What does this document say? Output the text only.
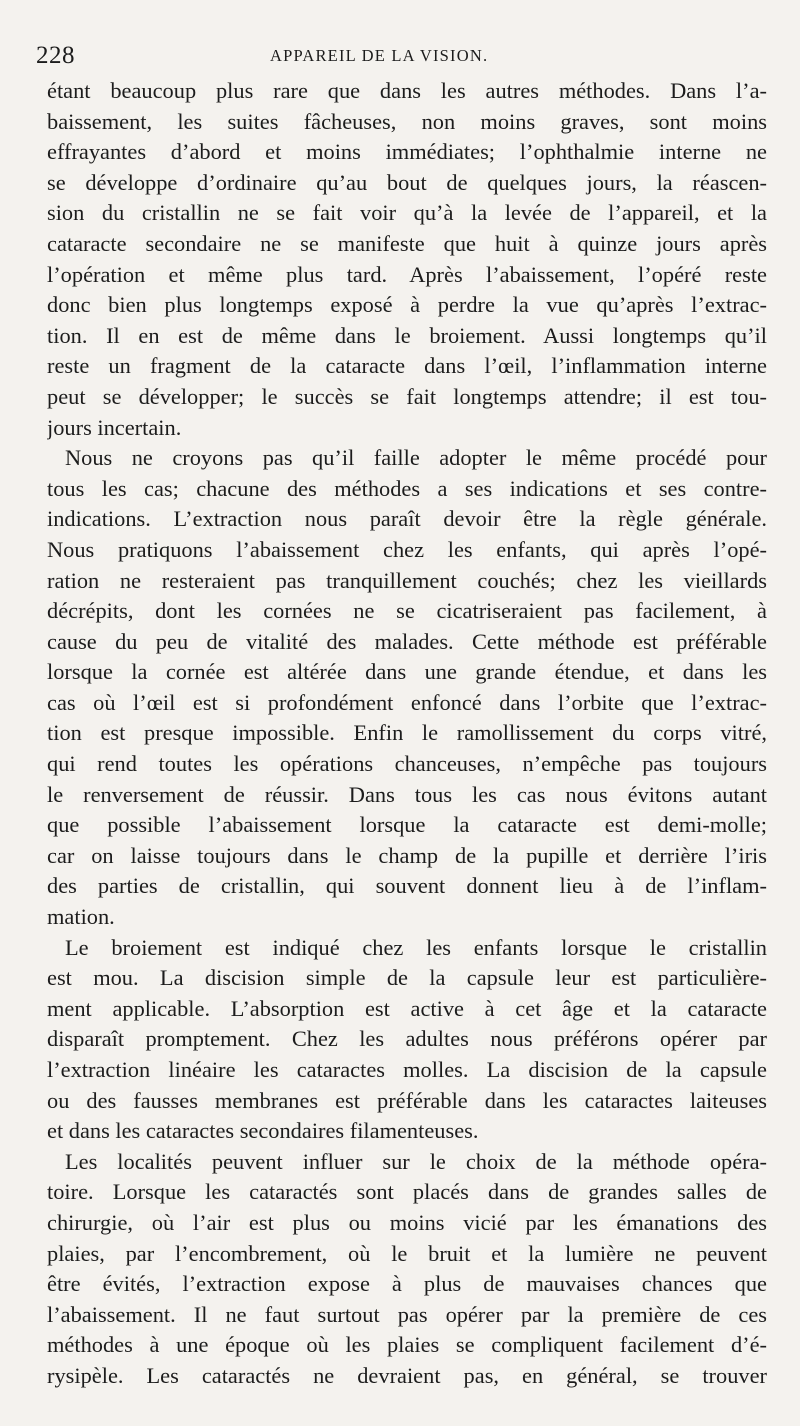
228	APPAREIL DE LA VISION.
étant beaucoup plus rare que dans les autres méthodes. Dans l’a-
baissement, les suites fâcheuses, non moins graves, sont moins
effrayantes d’abord et moins immédiates; l’ophthalmie interne ne
se développe d’ordinaire qu’au bout de quelques jours, la réascen-
sion du cristallin ne se fait voir qu’à la levée de l’appareil, et la
cataracte secondaire ne se manifeste que huit à quinze jours après
l’opération et même plus tard. Après l’abaissement, l’opéré reste
donc bien plus longtemps exposé à perdre la vue qu’après l’extrac-
tion. Il en est de même dans le broiement. Aussi longtemps qu’il
reste un fragment de la cataracte dans l’œil, l’inflammation interne
peut se développer; le succès se fait longtemps attendre; il est tou-
jours incertain.
Nous ne croyons pas qu’il faille adopter le même procédé pour
tous les cas; chacune des méthodes a ses indications et ses contre-
indications. L’extraction nous paraît devoir être la règle générale.
Nous pratiquons l’abaissement chez les enfants, qui après l’opé-
ration ne resteraient pas tranquillement couchés; chez les vieillards
décrépits, dont les cornées ne se cicatriseraient pas facilement, à
cause du peu de vitalité des malades. Cette méthode est préférable
lorsque la cornée est altérée dans une grande étendue, et dans les
cas où l’œil est si profondément enfoncé dans l’orbite que l’extrac-
tion est presque impossible. Enfin le ramollissement du corps vitré,
qui rend toutes les opérations chanceuses, n’empêche pas toujours
le renversement de réussir. Dans tous les cas nous évitons autant
que possible l’abaissement lorsque la cataracte est demi-molle;
car on laisse toujours dans le champ de la pupille et derrière l’iris
des parties de cristallin, qui souvent donnent lieu à de l’inflam-
mation.
Le broiement est indiqué chez les enfants lorsque le cristallin
est mou. La discision simple de la capsule leur est particulière-
ment applicable. L’absorption est active à cet âge et la cataracte
disparaît promptement. Chez les adultes nous préférons opérer par
l’extraction linéaire les cataractes molles. La discision de la capsule
ou des fausses membranes est préférable dans les cataractes laiteuses
et dans les cataractes secondaires filamenteuses.
Les localités peuvent influer sur le choix de la méthode opéra-
toire. Lorsque les cataractés sont placés dans de grandes salles de
chirurgie, où l’air est plus ou moins vicié par les émanations des
plaies, par l’encombrement, où le bruit et la lumière ne peuvent
être évités, l’extraction expose à plus de mauvaises chances que
l’abaissement. Il ne faut surtout pas opérer par la première de ces
méthodes à une époque où les plaies se compliquent facilement d’é-
rysipèle. Les cataractés ne devraient pas, en général, se trouver
